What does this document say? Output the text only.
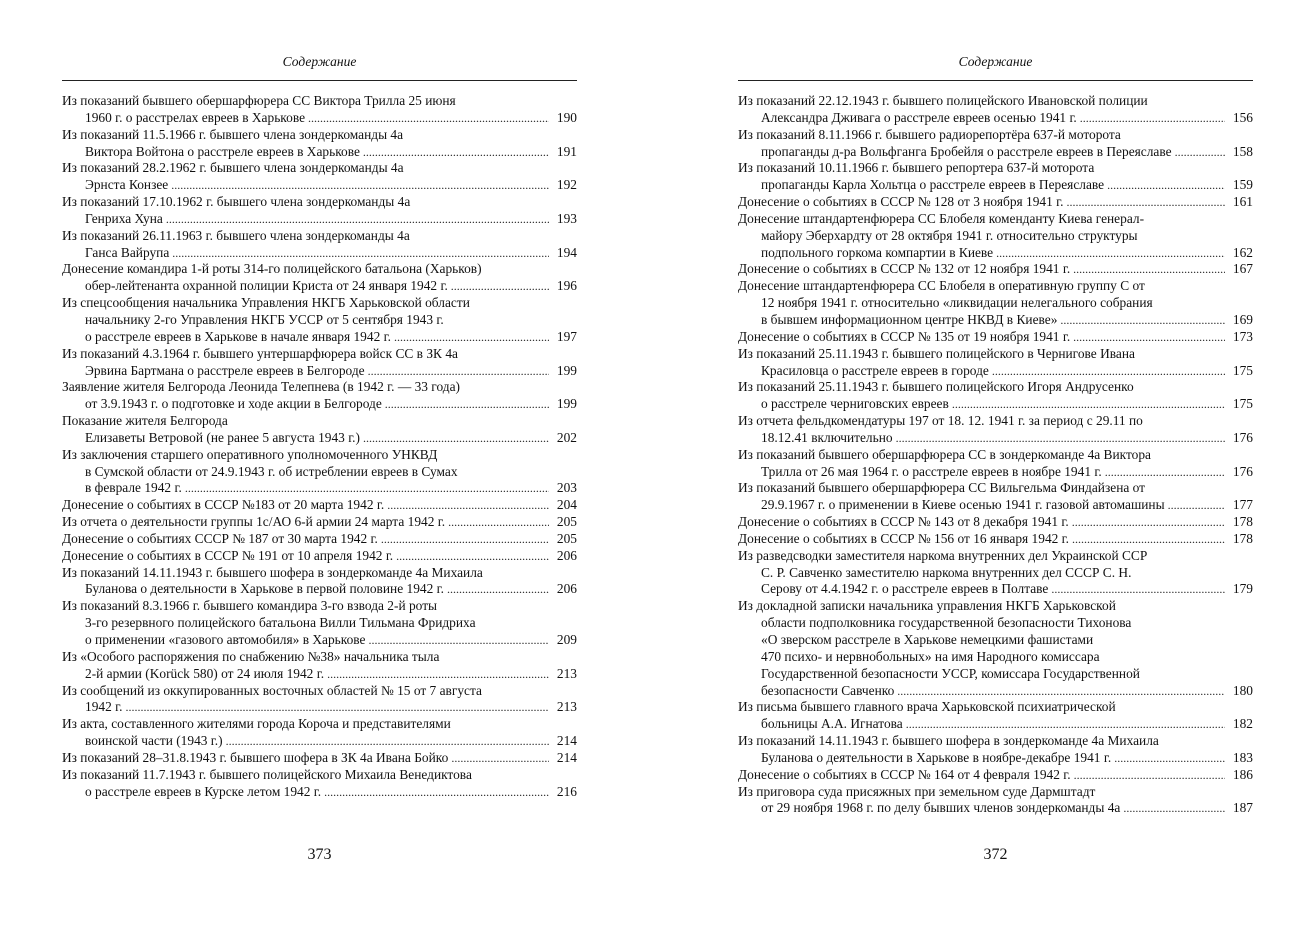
Содержание
Из показаний бывшего обершарфюрера СС Виктора Трилла 25 июня
1960 г. о расстрелах евреев в Харькове . . .	190
Из показаний 11.5.1966 г. бывшего члена зондеркоманды 4а
Виктора Войтона о расстреле евреев в Харькове . . .	191
Из показаний 28.2.1962 г. бывшего члена зондеркоманды 4а
Эрнста Конзее . . .	192
Из показаний 17.10.1962 г. бывшего члена зондеркоманды 4а
Генриха Хуна . . .	193
Из показаний 26.11.1963 г. бывшего члена зондеркоманды 4а
Ганса Вайрупа . . .	194
Донесение командира 1-й роты 314-го полицейского батальона (Харьков)
обер-лейтенанта охранной полиции Криста от 24 января 1942 г. . . .	196
Из спецсообщения начальника Управления НКГБ Харьковской области
начальнику 2-го Управления НКГБ УССР от 5 сентября 1943 г.
о расстреле евреев в Харькове в начале января 1942 г. . . .	197
Из показаний 4.3.1964 г. бывшего унтершарфюрера войск СС в ЗК 4а
Эрвина Бартмана о расстреле евреев в Белгороде . . .	199
Заявление жителя Белгорода Леонида Телепнева (в 1942 г. — 33 года)
от 3.9.1943 г. о подготовке и ходе акции в Белгороде . . .	199
Показание жителя Белгорода
Елизаветы Ветровой (не ранее 5 августа 1943 г.) . . .	202
Из заключения старшего оперативного уполномоченного УНКВД
в Сумской области от 24.9.1943 г. об истреблении евреев в Сумах
в феврале 1942 г. . . .	203
Донесение о событиях в СССР №183 от 20 марта 1942 г. . . .	204
Из отчета о деятельности группы 1с/АО 6-й армии 24 марта 1942 г. . . .	205
Донесение о событиях СССР № 187 от 30 марта 1942 г. . . .	205
Донесение о событиях в СССР № 191 от 10 апреля 1942 г. . . .	206
Из показаний 14.11.1943 г. бывшего шофера в зондеркоманде 4а Михаила
Буланова о деятельности в Харькове в первой половине 1942 г. . . .	206
Из показаний 8.3.1966 г. бывшего командира 3-го взвода 2-й роты
3-го резервного полицейского батальона Вилли Тильмана Фридриха
о применении «газового автомобиля» в Харькове . . .	209
Из «Особого распоряжения по снабжению №38» начальника тыла
2-й армии (Korück 580) от 24 июля 1942 г. . . .	213
Из сообщений из оккупированных восточных областей № 15 от 7 августа
1942 г. . . .	213
Из акта, составленного жителями города Короча и представителями
воинской части (1943 г.) . . .	214
Из показаний 28–31.8.1943 г. бывшего шофера в ЗК 4а Ивана Бойко . . .	214
Из показаний 11.7.1943 г. бывшего полицейского Михаила Венедиктова
о расстреле евреев в Курске летом 1942 г. . . .	216
373
Содержание
Из показаний 22.12.1943 г. бывшего полицейского Ивановской полиции
Александра Дживага о расстреле евреев осенью 1941 г. . . .	156
Из показаний 8.11.1966 г. бывшего радиорепортёра 637-й моторота
пропаганды д-ра Вольфганга Бробейля о расстреле евреев в Переяславе . . .	158
Из показаний 10.11.1966 г. бывшего репортера 637-й моторота
пропаганды Карла Хольтца о расстреле евреев в Переяславе . . .	159
Донесение о событиях в СССР № 128 от 3 ноября 1941 г. . . .	161
Донесение штандартенфюрера СС Блобеля коменданту Киева генерал-
майору Эберхардту от 28 октября 1941 г. относительно структуры
подпольного горкома компартии в Киеве . . .	162
Донесение о событиях в СССР № 132 от 12 ноября 1941 г. . . .	167
Донесение штандартенфюрера СС Блобеля в оперативную группу С от
12 ноября 1941 г. относительно «ликвидации нелегального собрания
в бывшем информационном центре НКВД в Киеве» . . .	169
Донесение о событиях в СССР № 135 от 19 ноября 1941 г. . . .	173
Из показаний 25.11.1943 г. бывшего полицейского в Чернигове Ивана
Красиловца о расстреле евреев в городе . . .	175
Из показаний 25.11.1943 г. бывшего полицейского Игоря Андрусенко
о расстреле черниговских евреев . . .	175
Из отчета фельдкомендатуры 197 от 18. 12. 1941 г. за период с 29.11 по
18.12.41 включительно . . .	176
Из показаний бывшего обершарфюрера СС в зондеркоманде 4а Виктора
Трилла от 26 мая 1964 г. о расстреле евреев в ноябре 1941 г. . . .	176
Из показаний бывшего обершарфюрера СС Вильгельма Финдайзена от
29.9.1967 г. о применении в Киеве осенью 1941 г. газовой автомашины . . .	177
Донесение о событиях в СССР № 143 от 8 декабря 1941 г. . . .	178
Донесение о событиях в СССР № 156 от 16 января 1942 г. . . .	178
Из разведсводки заместителя наркома внутренних дел Украинской ССР
С. Р. Савченко заместителю наркома внутренних дел СССР С. Н.
Серову от 4.4.1942 г. о расстреле евреев в Полтаве . . .	179
Из докладной записки начальника управления НКГБ Харьковской
области подполковника государственной безопасности Тихонова
«О зверском расстреле в Харькове немецкими фашистами
470 психо- и нервнобольных» на имя Народного комиссара
Государственной безопасности УССР, комиссара Государственной
безопасности Савченко . . .	180
Из письма бывшего главного врача Харьковской психиатрической
больницы А.А. Игнатова . . .	182
Из показаний 14.11.1943 г. бывшего шофера в зондеркоманде 4а Михаила
Буланова о деятельности в Харькове в ноябре-декабре 1941 г. . . .	183
Донесение о событиях в СССР № 164 от 4 февраля 1942 г. . . .	186
Из приговора суда присяжных при земельном суде Дармштадт
от 29 ноября 1968 г. по делу бывших членов зондеркоманды 4а . . .	187
372
